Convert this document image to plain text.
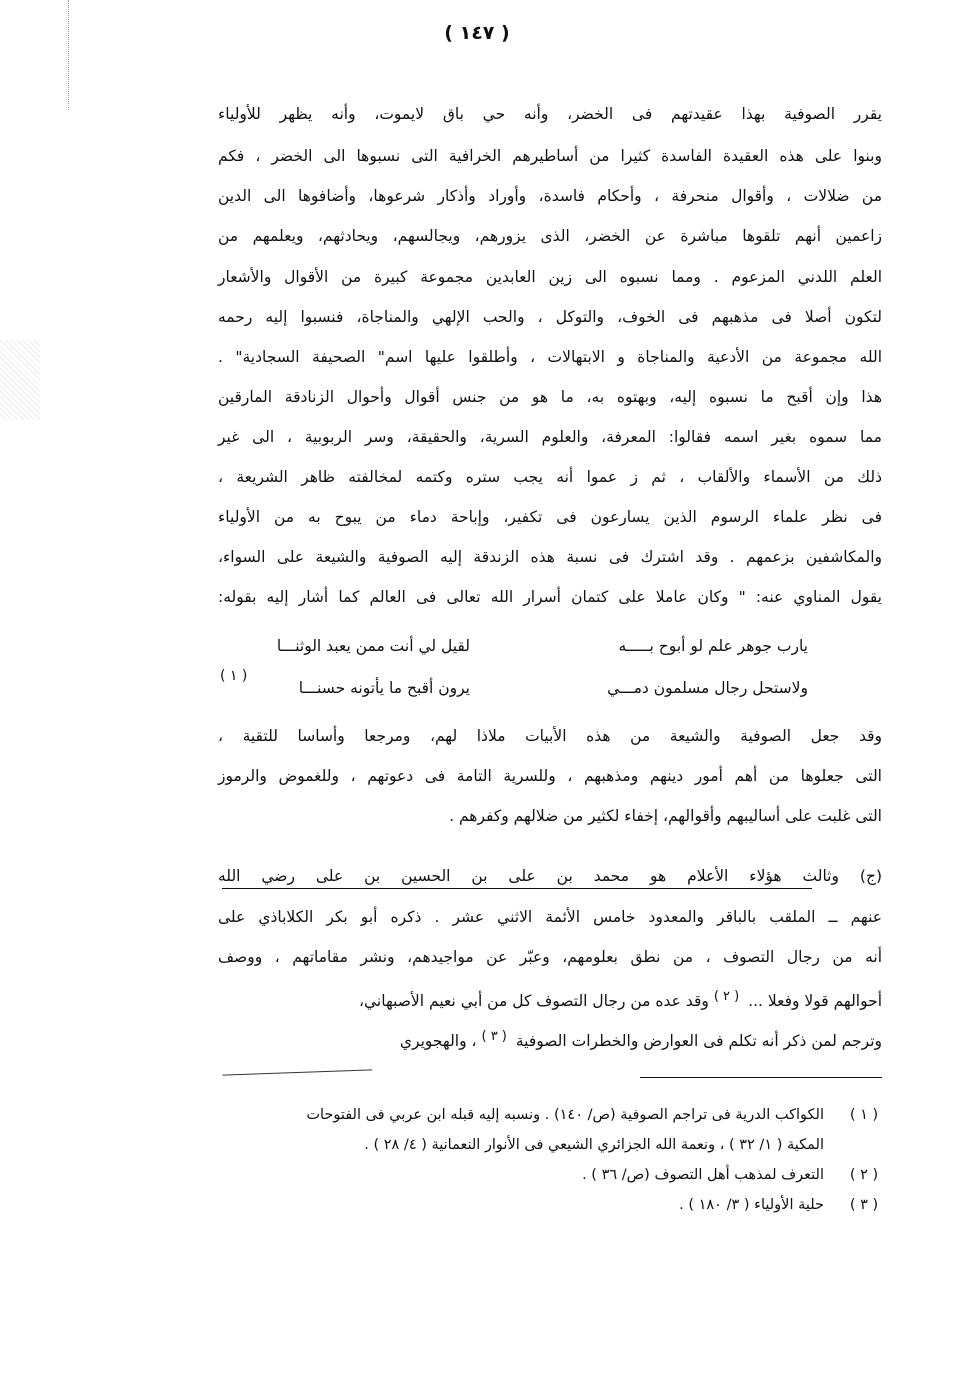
( ١٤٧ )
يقرر الصوفية بهذا عقيدتهم فى الخضر، وأنه حي باق لايموت، وأنه يظهر للأولياء
وبنوا على هذه العقيدة الفاسدة كثيرا من أساطيرهم الخرافية التى نسبوها الى الخضر ، فكم
من ضلالات ، وأقوال منحرفة ، وأحكام فاسدة، وأوراد وأذكار شرعوها، وأضافوها الى الدين
زاعمين أنهم تلقوها مباشرة عن الخضر، الذى يزورهم، ويجالسهم، ويحادثهم، ويعلمهم من
العلم اللدني المزعوم . ومما نسبوه الى زين العابدين مجموعة كبيرة من الأقوال والأشعار
لتكون أصلا فى مذهبهم فى الخوف، والتوكل ، والحب الإلهي والمناجاة، فنسبوا إليه رحمه
الله مجموعة من الأدعية والمناجاة و الابتهالات ، وأطلقوا عليها اسم" الصحيفة السجادية" .
هذا وإن أقبح ما نسبوه إليه، وبهتوه به، ما هو من جنس أقوال وأحوال الزنادقة المارقين
مما سموه بغير اسمه فقالوا: المعرفة، والعلوم السرية، والحقيقة، وسر الربوبية ، الى غير
ذلك من الأسماء والألقاب ، ثم ز عموا أنه يجب ستره وكتمه لمخالفته ظاهر الشريعة ،
فى نظر علماء الرسوم الذين يسارعون فى تكفير، وإباحة دماء من يبوح به من الأولياء
والمكاشفين بزعمهم . وقد اشترك فى نسبة هذه الزندقة إليه الصوفية والشيعة على السواء،
يقول المناوي عنه: " وكان عاملا على كتمان أسرار الله تعالى فى العالم كما أشار إليه بقوله:
يارب جوهر علم لو أبوح بـــــه
لقيل لي أنت ممن يعبد الوثنـــا
ولاستحل رجال مسلمون دمـــي
يرون أقبح ما يأتونه حسنـــا
( ١ )
وقد جعل الصوفية والشيعة من هذه الأبيات ملاذا لهم، ومرجعا وأساسا للتقية ،
التى جعلوها من أهم أمور دينهم ومذهبهم ، وللسرية التامة فى دعوتهم ، وللغموض والرموز
التى غلبت على أساليبهم وأقوالهم، إخفاء لكثير من ضلالهم وكفرهم .
(ج) وثالث هؤلاء الأعلام هو محمد بن على بن الحسين بن على رضي الله
عنهم ــ الملقب بالباقر والمعدود خامس الأئمة الاثني عشر . ذكره أبو بكر الكلاباذي على
أنه من رجال التصوف ، من نطق بعلومهم، وعبّر عن مواجيدهم، ونشر مقاماتهم ، ووصف
أحوالهم قولا وفعلا ... $^{( ٢ )}$ وقد عده من رجال التصوف كل من أبي نعيم الأصبهاني،
وترجم لمن ذكر أنه تكلم فى العوارض والخطرات الصوفية $^{( ٣ )}$ ، والهجويري
( ١ )
الكواكب الدرية فى تراجم الصوفية (ص/ ١٤٠) . ونسبه إليه قبله ابن عربي فى الفتوحات
المكية ( ١/ ٣٢ ) ، ونعمة الله الجزائري الشيعي فى الأنوار النعمانية ( ٤/ ٢٨ ) .
( ٢ )
التعرف لمذهب أهل التصوف (ص/ ٣٦ ) .
( ٣ )
حلية الأولياء ( ٣/ ١٨٠ ) .
